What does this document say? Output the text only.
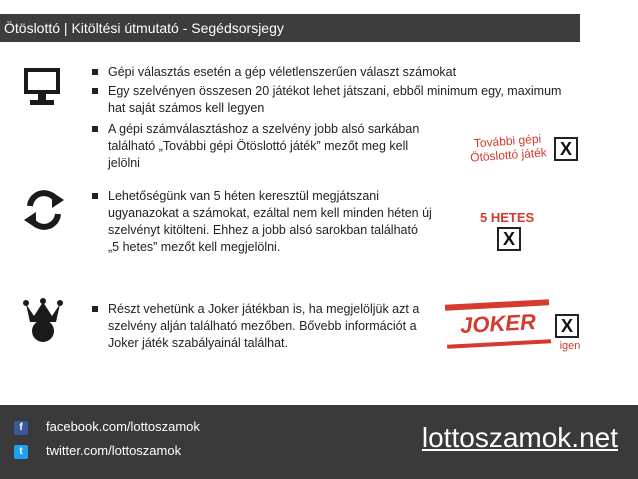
Ötöslottó | Kitöltési útmutató - Segédsorsjegy
Gépi választás esetén a gép véletlenszerűen választ számokat
Egy szelvényen összesen 20 játékot lehet játszani, ebből minimum egy, maximum hat saját számos kell legyen
A gépi számválasztáshoz a szelvény jobb alsó sarkában található „További gépi Ötöslottó játék” mezőt meg kell jelölni
További gépi
Ötöslottó játék X
Lehetőségünk van 5 héten keresztül megjátszani ugyanazokat a számokat, ezáltal nem kell minden héten új szelvényt kitölteni. Ehhez a jobb alsó sarokban található „5 hetes” mezőt kell megjelölni.
5 HETES
X
Részt vehetünk a Joker játékban is, ha megjelöljük azt a szelvény alján található mezőben. Bővebb információt a Joker játék szabályainál találhat.
JOKER	X
igen
f	facebook.com/lottoszamok
t	twitter.com/lottoszamok	lottoszamok.net
